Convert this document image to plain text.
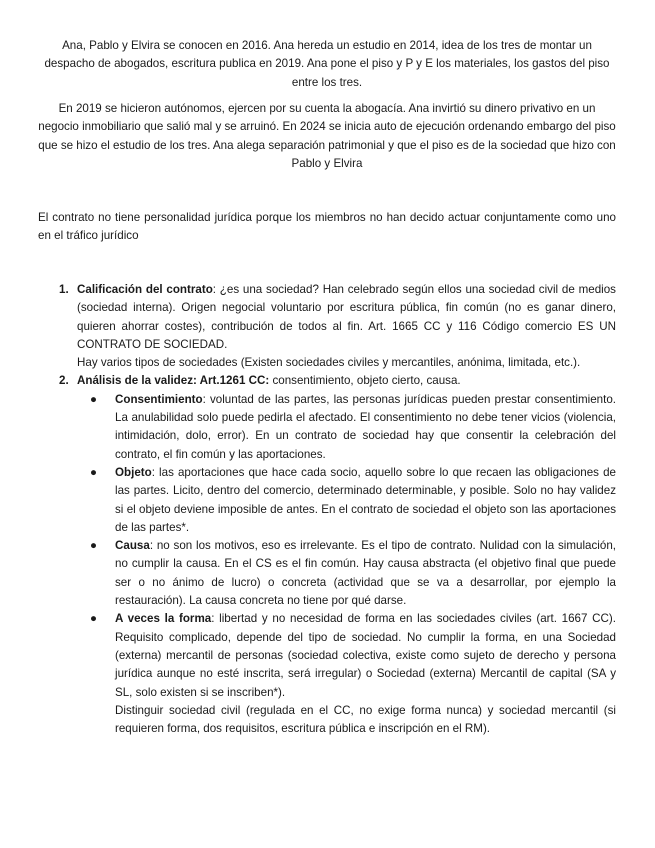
Ana, Pablo y Elvira se conocen en 2016. Ana hereda un estudio en 2014, idea de los tres de montar un despacho de abogados, escritura publica en 2019. Ana pone el piso y P y E los materiales, los gastos del piso entre los tres.

En 2019 se hicieron autónomos, ejercen por su cuenta la abogacía. Ana invirtió su dinero privativo en un negocio inmobiliario que salió mal y se arruinó. En 2024 se inicia auto de ejecución ordenando embargo del piso que se hizo el estudio de los tres. Ana alega separación patrimonial y que el piso es de la sociedad que hizo con Pablo y Elvira

El contrato no tiene personalidad jurídica porque los miembros no han decido actuar conjuntamente como uno en el tráfico jurídico

1. Calificación del contrato: ¿es una sociedad? Han celebrado según ellos una sociedad civil de medios (sociedad interna). Origen negocial voluntario por escritura pública, fin común (no es ganar dinero, quieren ahorrar costes), contribución de todos al fin. Art. 1665 CC y 116 Código comercio ES UN CONTRATO DE SOCIEDAD.
Hay varios tipos de sociedades (Existen sociedades civiles y mercantiles, anónima, limitada, etc.).
2. Análisis de la validez: Art.1261 CC: consentimiento, objeto cierto, causa.
● Consentimiento: voluntad de las partes, las personas jurídicas pueden prestar consentimiento. La anulabilidad solo puede pedirla el afectado. El consentimiento no debe tener vicios (violencia, intimidación, dolo, error). En un contrato de sociedad hay que consentir la celebración del contrato, el fin común y las aportaciones.
● Objeto: las aportaciones que hace cada socio, aquello sobre lo que recaen las obligaciones de las partes. Licito, dentro del comercio, determinado determinable, y posible. Solo no hay validez si el objeto deviene imposible de antes. En el contrato de sociedad el objeto son las aportaciones de las partes*.
● Causa: no son los motivos, eso es irrelevante. Es el tipo de contrato. Nulidad con la simulación, no cumplir la causa. En el CS es el fin común. Hay causa abstracta (el objetivo final que puede ser o no ánimo de lucro) o concreta (actividad que se va a desarrollar, por ejemplo la restauración). La causa concreta no tiene por qué darse.
● A veces la forma: libertad y no necesidad de forma en las sociedades civiles (art. 1667 CC). Requisito complicado, depende del tipo de sociedad. No cumplir la forma, en una Sociedad (externa) mercantil de personas (sociedad colectiva, existe como sujeto de derecho y persona jurídica aunque no esté inscrita, será irregular) o Sociedad (externa) Mercantil de capital (SA y SL, solo existen si se inscriben*).
Distinguir sociedad civil (regulada en el CC, no exige forma nunca) y sociedad mercantil (si requieren forma, dos requisitos, escritura pública e inscripción en el RM).
